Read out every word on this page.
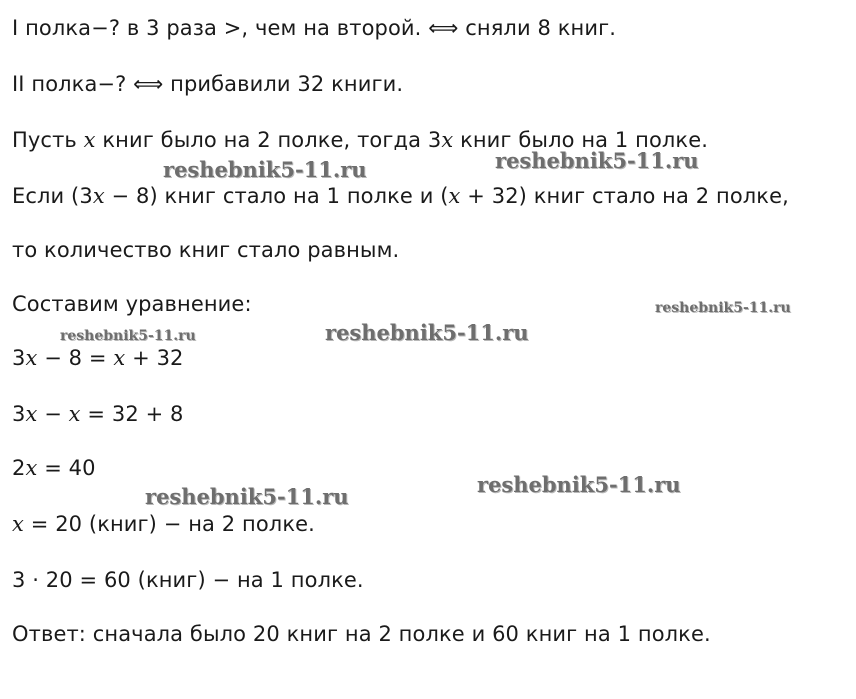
I полка−? в 3 раза >, чем на второй. ⟺ сняли 8 книг.
II полка−? ⟺ прибавили 32 книги.
Пусть x книг было на 2 полке, тогда 3x книг было на 1 полке.
Если (3x − 8) книг стало на 1 полке и (x + 32) книг стало на 2 полке,
то количество книг стало равным.
Составим уравнение:
3x − 8 = x + 32
3x − x = 32 + 8
2x = 40
x = 20 (книг) − на 2 полке.
3 · 20 = 60 (книг) − на 1 полке.
Ответ: сначала было 20 книг на 2 полке и 60 книг на 1 полке.
reshebnik5-11.ru	reshebnik5-11.ru
reshebnik5-11.ru
reshebnik5-11.ru	reshebnik5-11.ru
reshebnik5-11.ru	reshebnik5-11.ru
